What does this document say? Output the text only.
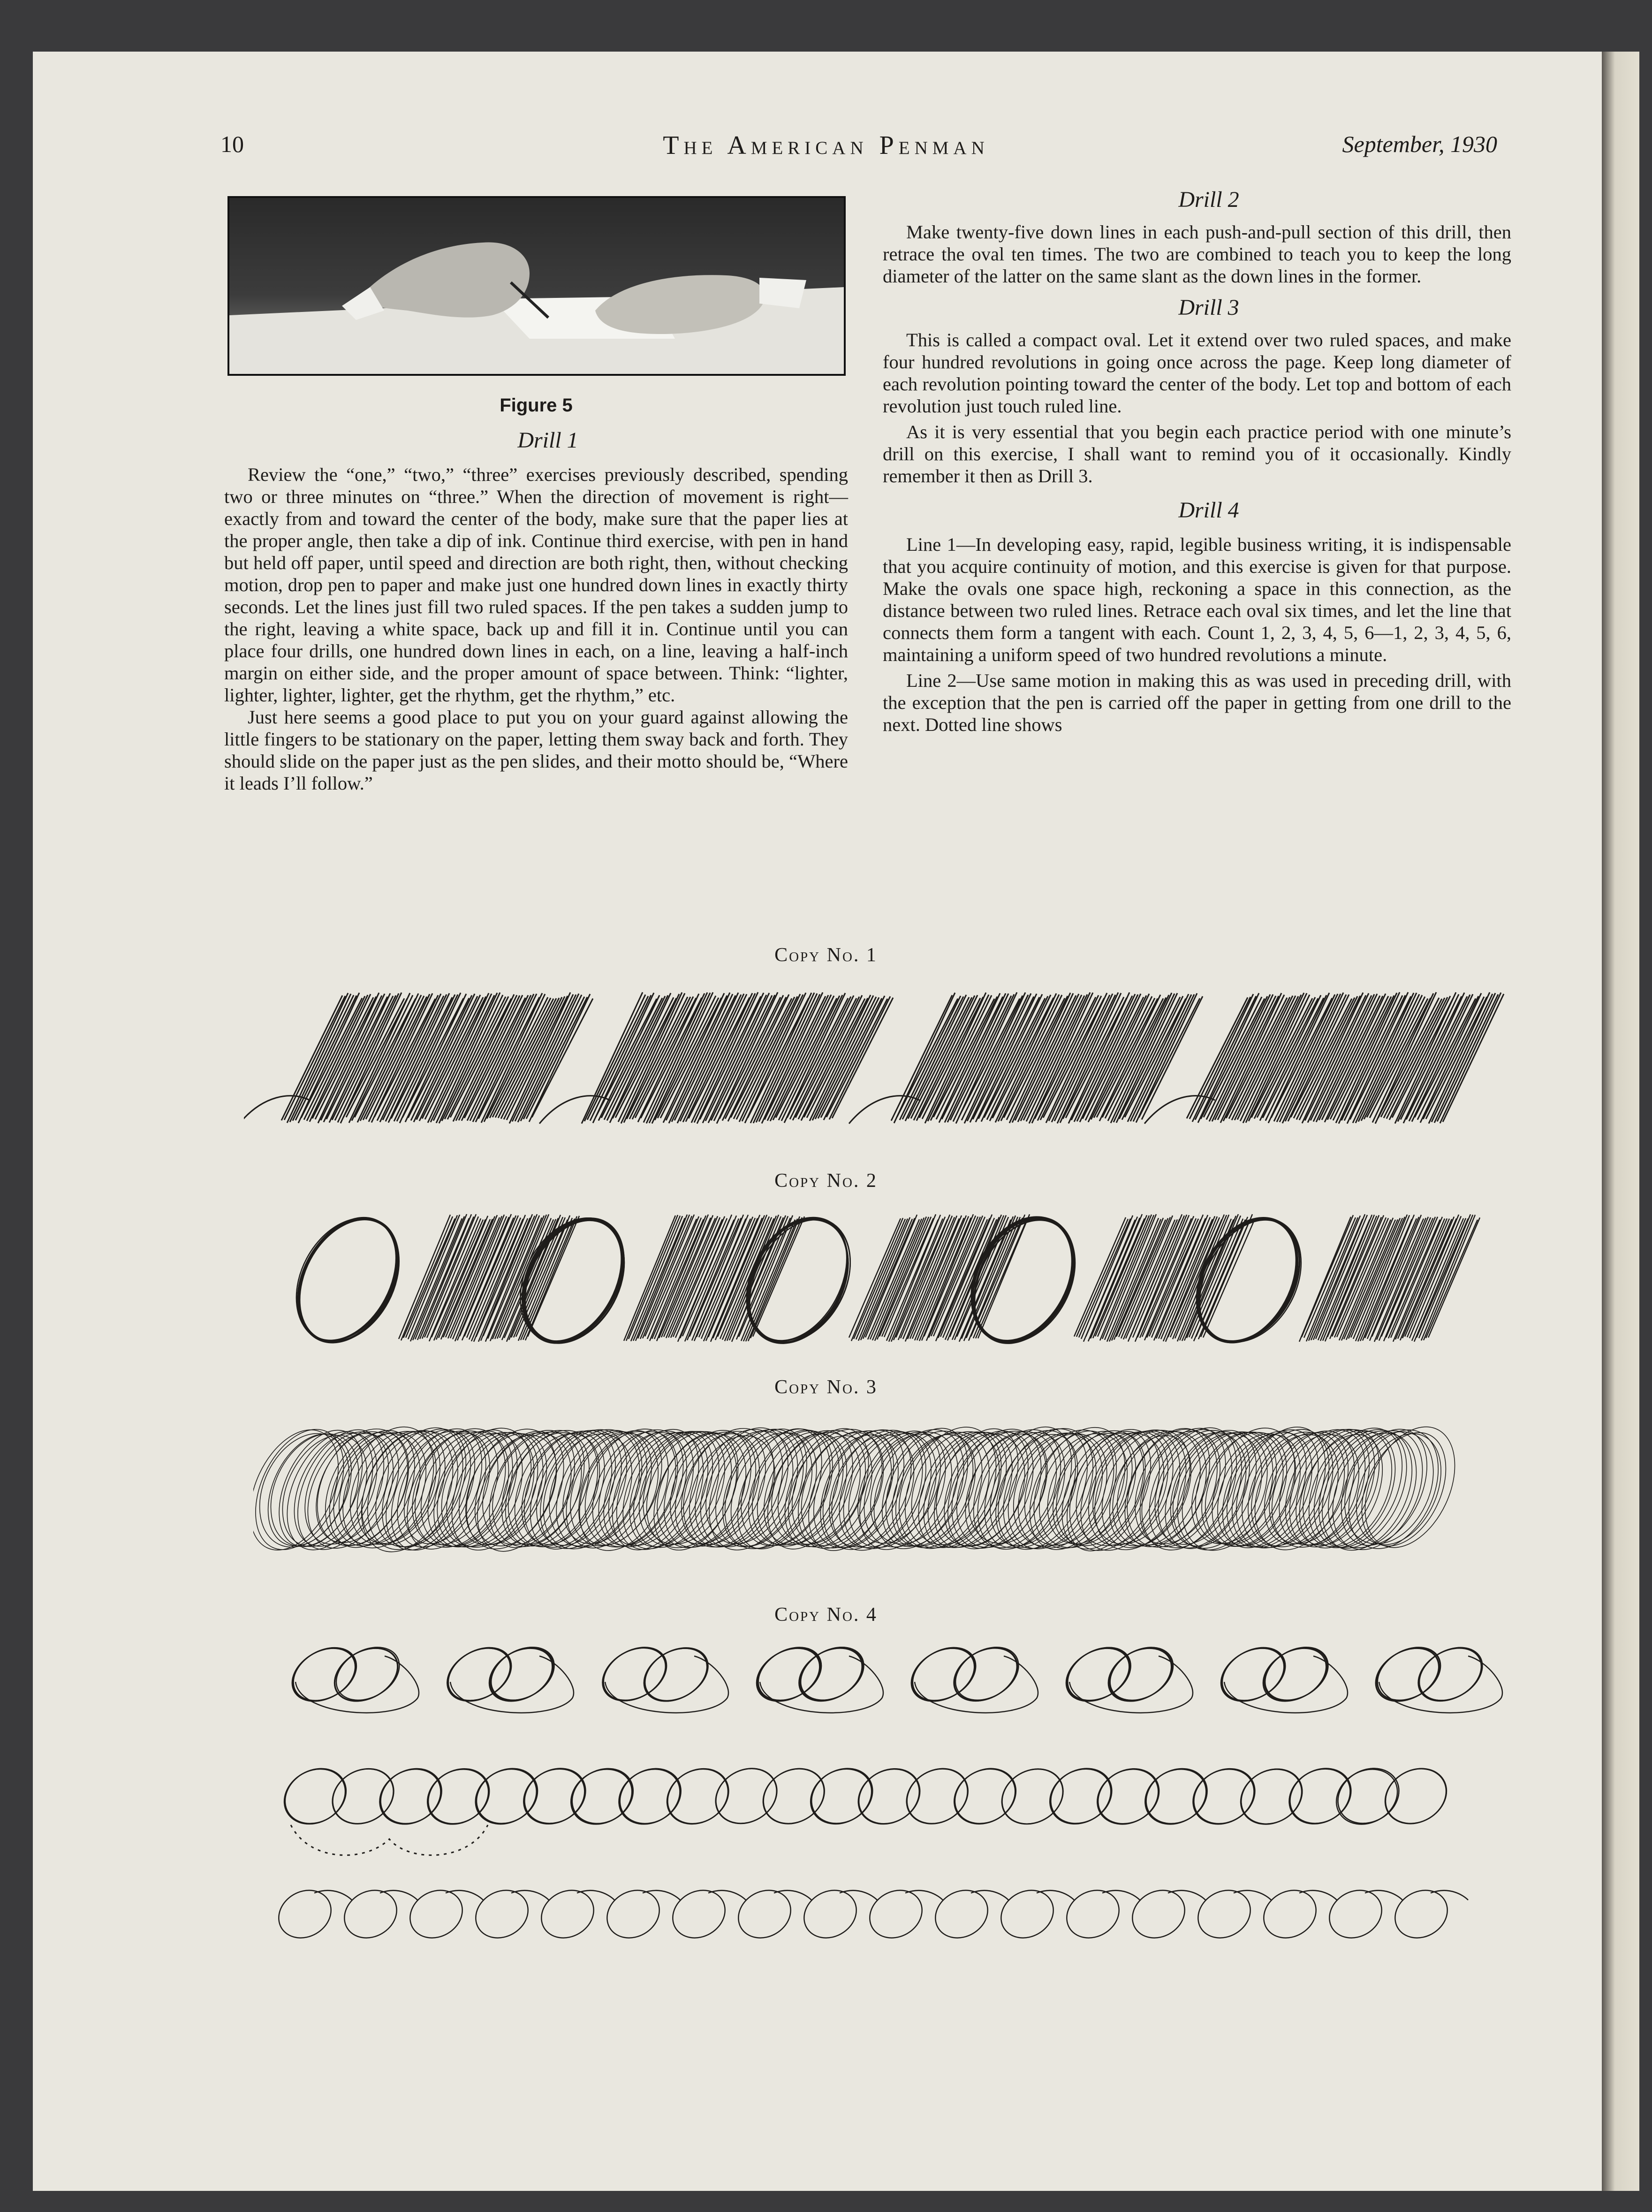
10	The American Penman	September, 1930
Figure 5

Drill 1

Review the “one,” “two,” “three” exercises previously described, spending two or three minutes on “three.” When the direction of movement is right—exactly from and toward the center of the body, make sure that the paper lies at the proper angle, then take a dip of ink. Continue third exercise, with pen in hand but held off paper, until speed and direction are both right, then, without checking motion, drop pen to paper and make just one hundred down lines in exactly thirty seconds. Let the lines just fill two ruled spaces. If the pen takes a sudden jump to the right, leaving a white space, back up and fill it in. Continue until you can place four drills, one hundred down lines in each, on a line, leaving a half-inch margin on either side, and the proper amount of space between. Think: “lighter, lighter, lighter, lighter, get the rhythm, get the rhythm,” etc.

Just here seems a good place to put you on your guard against allowing the little fingers to be stationary on the paper, letting them sway back and forth. They should slide on the paper just as the pen slides, and their motto should be, “Where it leads I’ll follow.”

Drill 2

Make twenty-five down lines in each push-and-pull section of this drill, then retrace the oval ten times. The two are combined to teach you to keep the long diameter of the latter on the same slant as the down lines in the former.

Drill 3

This is called a compact oval. Let it extend over two ruled spaces, and make four hundred revolutions in going once across the page. Keep long diameter of each revolution pointing toward the center of the body. Let top and bottom of each revolution just touch ruled line.

As it is very essential that you begin each practice period with one minute’s drill on this exercise, I shall want to remind you of it occasionally. Kindly remember it then as Drill 3.

Drill 4

Line 1—In developing easy, rapid, legible business writing, it is indispensable that you acquire continuity of motion, and this exercise is given for that purpose. Make the ovals one space high, reckoning a space in this connection, as the distance between two ruled lines. Retrace each oval six times, and let the line that connects them form a tangent with each. Count 1, 2, 3, 4, 5, 6—1, 2, 3, 4, 5, 6, maintaining a uniform speed of two hundred revolutions a minute.

Line 2—Use same motion in making this as was used in preceding drill, with the exception that the pen is carried off the paper in getting from one drill to the next. Dotted line shows

Copy No. 1
Copy No. 2
Copy No. 3
Copy No. 4
